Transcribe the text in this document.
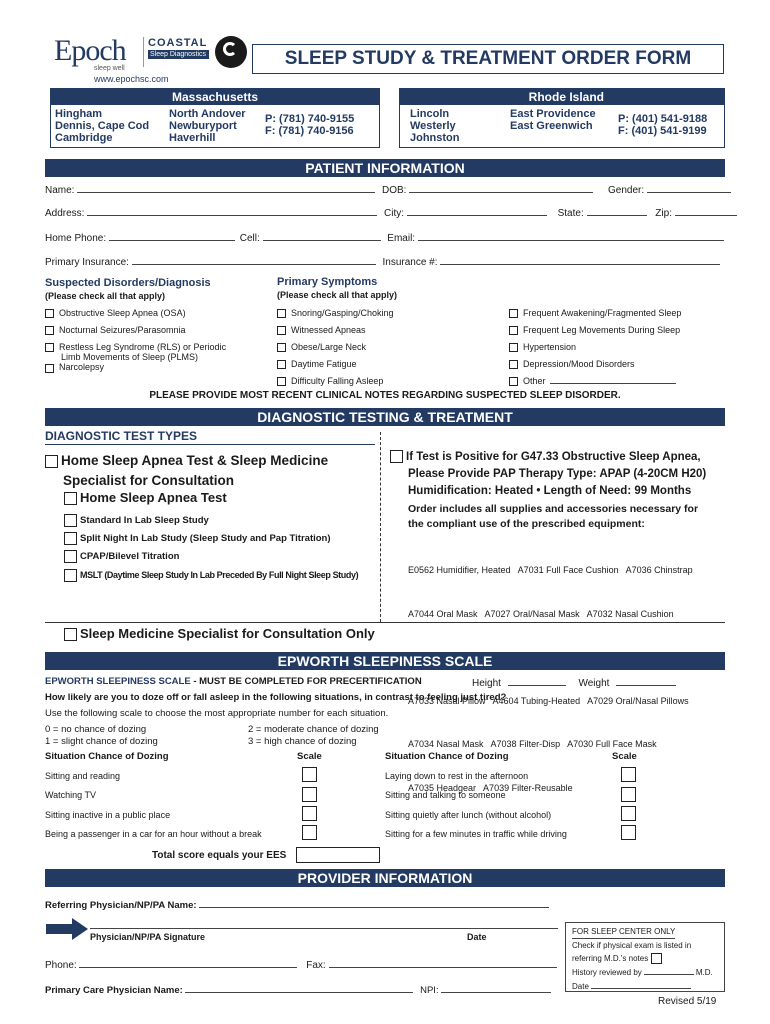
Epoch
sleep well
COASTAL
Sleep Diagnostics	SLEEP STUDY & TREATMENT ORDER FORM
www.epochsc.com
Massachusetts
Hingham
Dennis, Cape Cod
Cambridge
North Andover
Newburyport
Haverhill
P: (781) 740-9155
F: (781) 740-9156
Rhode Island
Lincoln
Westerly
Johnston
East Providence
East Greenwich
P: (401) 541-9188
F: (401) 541-9199
PATIENT INFORMATION
Name:	DOB:	Gender:
Address:	City:	State:	Zip:
Home Phone:	Cell:	Email:
Primary Insurance:	Insurance #:
Suspected Disorders/Diagnosis
(Please check all that apply)
Obstructive Sleep Apnea (OSA)
Nocturnal Seizures/Parasomnia
Restless Leg Syndrome (RLS) or Periodic
Limb Movements of Sleep (PLMS)
Narcolepsy
Primary Symptoms
(Please check all that apply)
Snoring/Gasping/Choking
Witnessed Apneas
Obese/Large Neck
Daytime Fatigue
Difficulty Falling Asleep
Frequent Awakening/Fragmented Sleep
Frequent Leg Movements During Sleep
Hypertension
Depression/Mood Disorders
Other
PLEASE PROVIDE MOST RECENT CLINICAL NOTES REGARDING SUSPECTED SLEEP DISORDER.
DIAGNOSTIC TESTING & TREATMENT
DIAGNOSTIC TEST TYPES
Home Sleep Apnea Test & Sleep Medicine
Specialist for Consultation
Home Sleep Apnea Test
Standard In Lab Sleep Study
Split Night In Lab Study (Sleep Study and Pap Titration)
CPAP/Bilevel Titration
MSLT (Daytime Sleep Study In Lab Preceded By Full Night Sleep Study)
If Test is Positive for G47.33 Obstructive Sleep Apnea,
Please Provide PAP Therapy Type: APAP (4-20CM H20)
Humidification: Heated • Length of Need: 99 Months
Order includes all supplies and accessories necessary for
the compliant use of the prescribed equipment:

E0562 Humidifier, Heated   A7031 Full Face Cushion   A7036 Chinstrap

A7044 Oral Mask   A7027 Oral/Nasal Mask   A7032 Nasal Cushion

A7033 Nasal Pillow   A4604 Tubing-Heated   A7029 Oral/Nasal Pillows

A7034 Nasal Mask   A7038 Filter-Disp   A7030 Full Face Mask

A7035 Headgear   A7039 Filter-Reusable

Sleep Medicine Specialist for Consultation Only
EPWORTH SLEEPINESS SCALE
EPWORTH SLEEPINESS SCALE - MUST BE COMPLETED FOR PRECERTIFICATION	Height	Weight
How likely are you to doze off or fall asleep in the following situations, in contrast to feeling just tired?
Use the following scale to choose the most appropriate number for each situation.
0 = no chance of dozing
1 = slight chance of dozing
2 = moderate chance of dozing
3 = high chance of dozing
Situation Chance of Dozing	Scale	Situation Chance of Dozing	Scale
Sitting and reading
Watching TV
Sitting inactive in a public place
Being a passenger in a car for an hour without a break
Laying down to rest in the afternoon
Sitting and talking to someone
Sitting quietly after lunch (without alcohol)
Sitting for a few minutes in traffic while driving
Total score equals your EES
PROVIDER INFORMATION
Referring Physician/NP/PA Name:
Physician/NP/PA Signature	Date
Phone:	Fax:
Primary Care Physician Name:	NPI:
FOR SLEEP CENTER ONLY
Check if physical exam is listed in
referring M.D.'s notes
History reviewed by	M.D.
Date
Revised 5/19
